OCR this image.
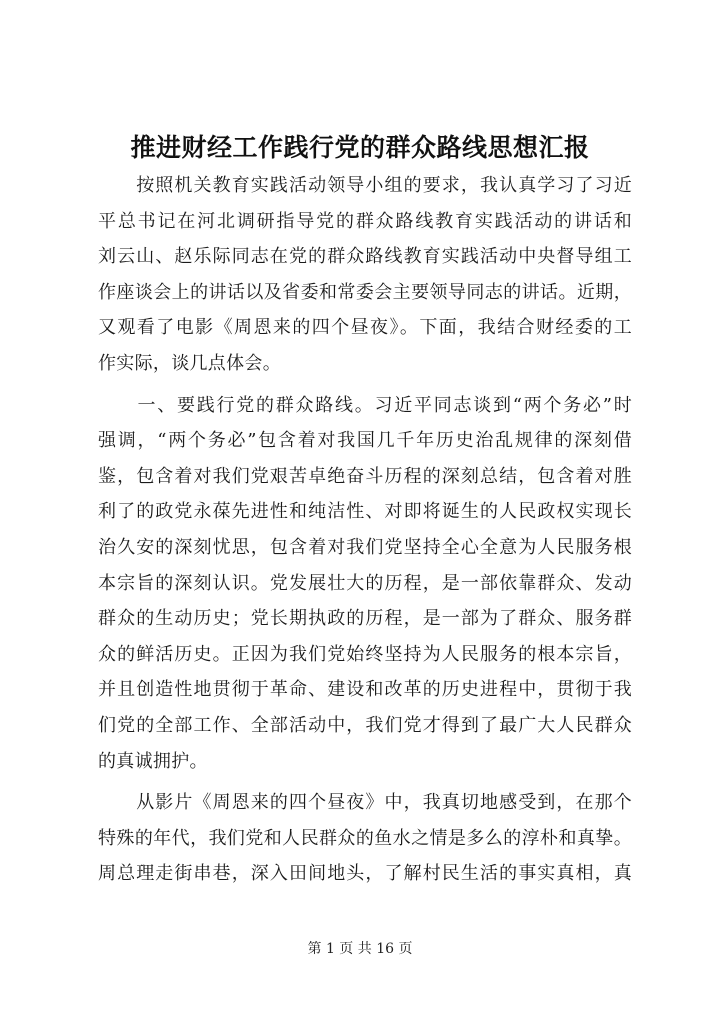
推进财经工作践行党的群众路线思想汇报
　　按照机关教育实践活动领导小组的要求，我认真学习了习近
平总书记在河北调研指导党的群众路线教育实践活动的讲话和
刘云山、赵乐际同志在党的群众路线教育实践活动中央督导组工
作座谈会上的讲话以及省委和常委会主要领导同志的讲话。近期，
又观看了电影《周恩来的四个昼夜》。下面，我结合财经委的工
作实际，谈几点体会。
　　一、要践行党的群众路线。习近平同志谈到“两个务必”时
强调，“两个务必”包含着对我国几千年历史治乱规律的深刻借
鉴，包含着对我们党艰苦卓绝奋斗历程的深刻总结，包含着对胜
利了的政党永葆先进性和纯洁性、对即将诞生的人民政权实现长
治久安的深刻忧思，包含着对我们党坚持全心全意为人民服务根
本宗旨的深刻认识。党发展壮大的历程，是一部依靠群众、发动
群众的生动历史；党长期执政的历程，是一部为了群众、服务群
众的鲜活历史。正因为我们党始终坚持为人民服务的根本宗旨，
并且创造性地贯彻于革命、建设和改革的历史进程中，贯彻于我
们党的全部工作、全部活动中，我们党才得到了最广大人民群众
的真诚拥护。
　　从影片《周恩来的四个昼夜》中，我真切地感受到，在那个
特殊的年代，我们党和人民群众的鱼水之情是多么的淳朴和真挚。
周总理走街串巷，深入田间地头，了解村民生活的事实真相，真
第 1 页 共 16 页
